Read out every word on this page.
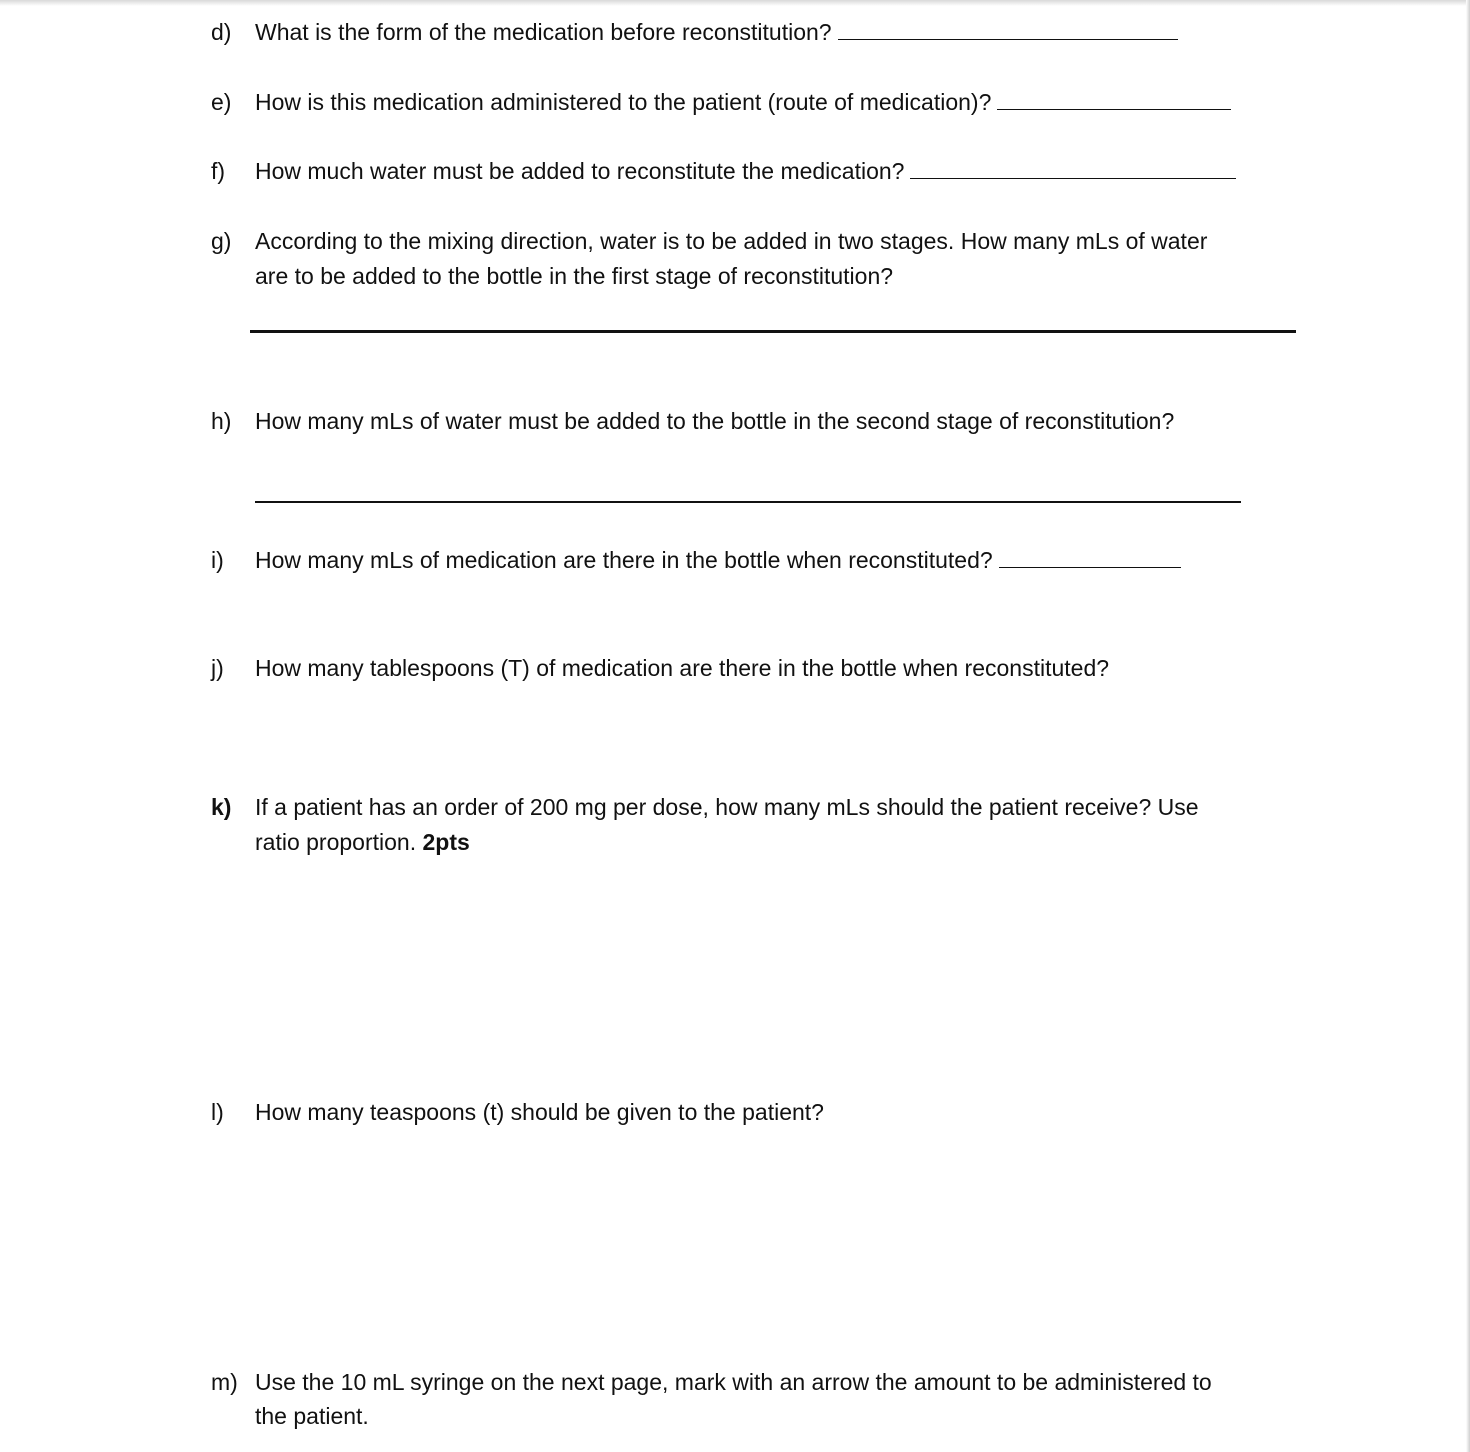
d) What is the form of the medication before reconstitution?
e) How is this medication administered to the patient (route of medication)?
f) How much water must be added to reconstitute the medication?
g) According to the mixing direction, water is to be added in two stages. How many mLs of water
are to be added to the bottle in the first stage of reconstitution?
h) How many mLs of water must be added to the bottle in the second stage of reconstitution?
i) How many mLs of medication are there in the bottle when reconstituted?
j) How many tablespoons (T) of medication are there in the bottle when reconstituted?
k) If a patient has an order of 200 mg per dose, how many mLs should the patient receive? Use
ratio proportion. 2pts
l) How many teaspoons (t) should be given to the patient?
m) Use the 10 mL syringe on the next page, mark with an arrow the amount to be administered to
the patient.
